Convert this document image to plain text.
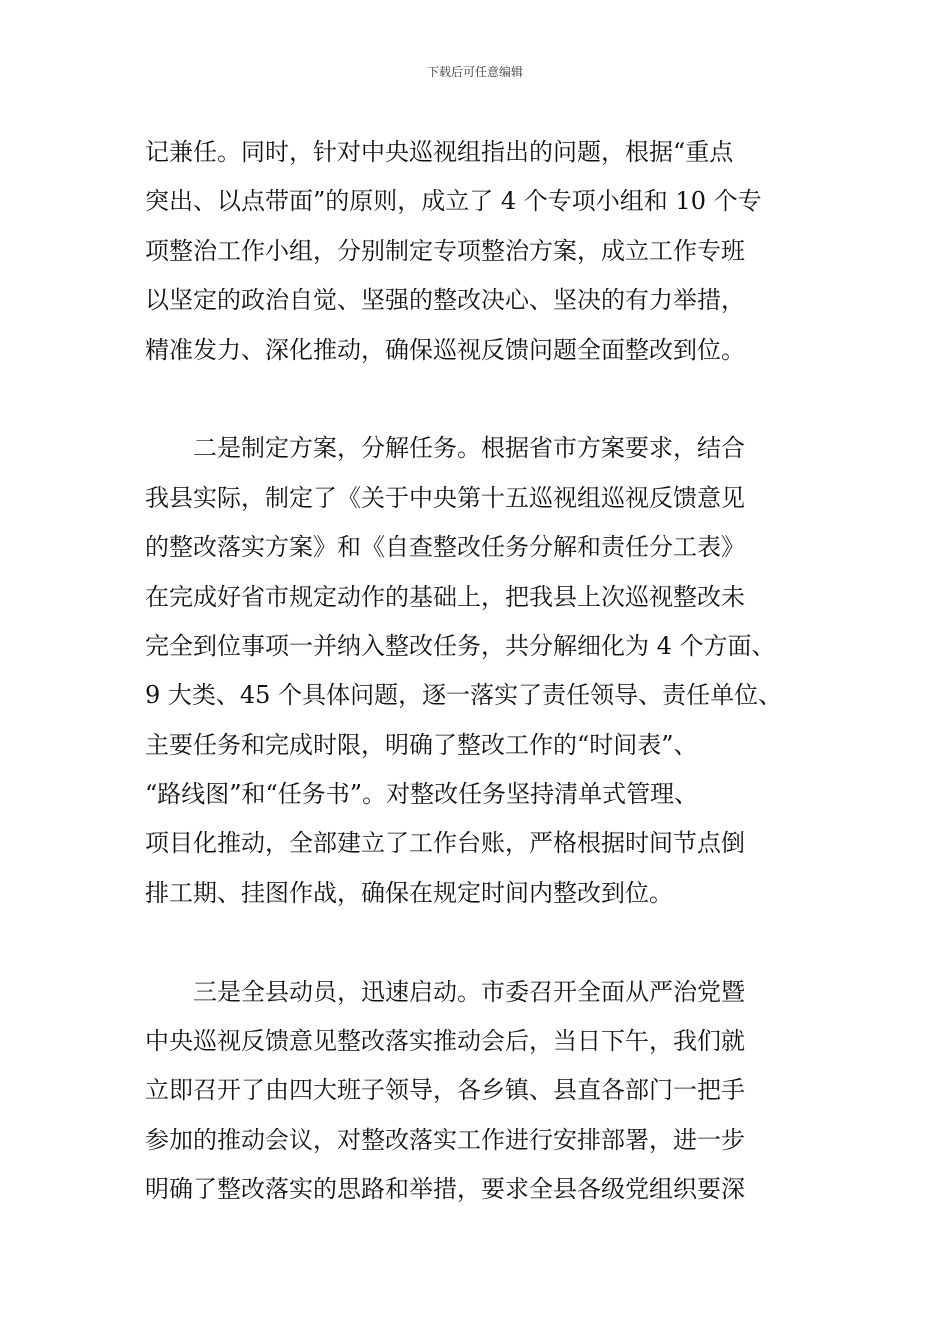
下载后可任意编辑
记兼任。同时，针对中央巡视组指出的问题，根据“重点
突出、以点带面”的原则，成立了 4 个专项小组和 10 个专
项整治工作小组，分别制定专项整治方案，成立工作专班
以坚定的政治自觉、坚强的整改决心、坚决的有力举措，
精准发力、深化推动，确保巡视反馈问题全面整改到位。
二是制定方案，分解任务。根据省市方案要求，结合
我县实际，制定了《关于中央第十五巡视组巡视反馈意见
的整改落实方案》和《自查整改任务分解和责任分工表》
在完成好省市规定动作的基础上，把我县上次巡视整改未
完全到位事项一并纳入整改任务，共分解细化为 4 个方面、
9 大类、45 个具体问题，逐一落实了责任领导、责任单位、
主要任务和完成时限，明确了整改工作的“时间表”、
“路线图”和“任务书”。对整改任务坚持清单式管理、
项目化推动，全部建立了工作台账，严格根据时间节点倒
排工期、挂图作战，确保在规定时间内整改到位。
三是全县动员，迅速启动。市委召开全面从严治党暨
中央巡视反馈意见整改落实推动会后，当日下午，我们就
立即召开了由四大班子领导，各乡镇、县直各部门一把手
参加的推动会议，对整改落实工作进行安排部署，进一步
明确了整改落实的思路和举措，要求全县各级党组织要深
